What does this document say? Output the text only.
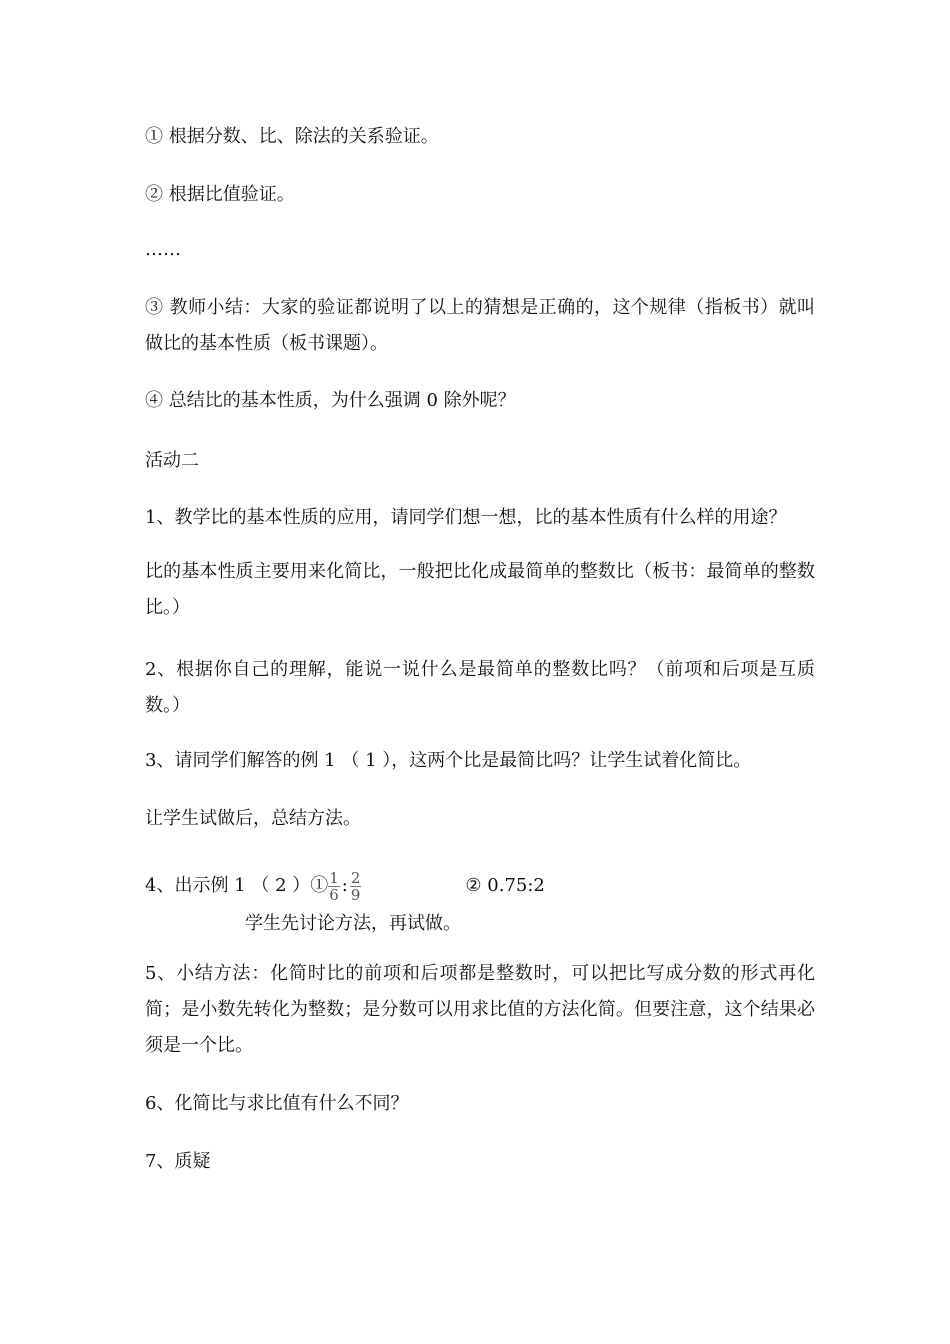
① 根据分数、比、除法的关系验证。
② 根据比值验证。
……
③ 教师小结：大家的验证都说明了以上的猜想是正确的，这个规律（指板书）就叫做比的基本性质（板书课题）。
④ 总结比的基本性质，为什么强调 0 除外呢？
活动二
1、教学比的基本性质的应用，请同学们想一想，比的基本性质有什么样的用途？
比的基本性质主要用来化简比，一般把比化成最简单的整数比（板书：最简单的整数比。）
2、根据你自己的理解，能说一说什么是最简单的整数比吗？（前项和后项是互质数。）
3、请同学们解答的例 1 （ 1 ），这两个比是最简比吗？让学生试着化简比。
让学生试做后，总结方法。
4、出示例 1 （ 2 ）① $\frac{1}{6}$ : $\frac{2}{9}$	② 0.75:2
学生先讨论方法，再试做。
5、小结方法：化简时比的前项和后项都是整数时，可以把比写成分数的形式再化简；是小数先转化为整数；是分数可以用求比值的方法化简。但要注意，这个结果必须是一个比。
6、化简比与求比值有什么不同？
7、质疑
